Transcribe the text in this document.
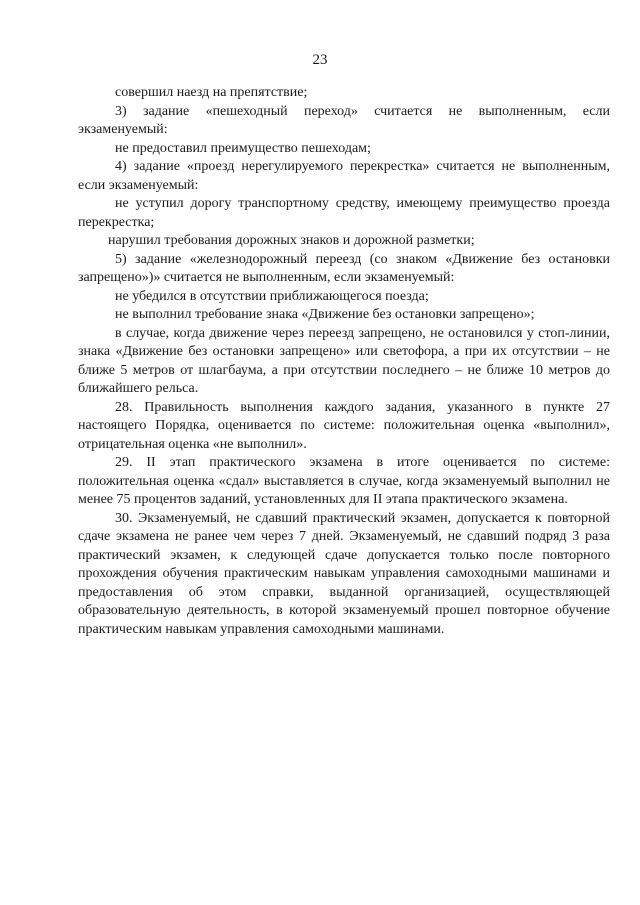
23

совершил наезд на препятствие;

3) задание «пешеходный переход» считается не выполненным, если экзаменуемый:

не предоставил преимущество пешеходам;

4) задание «проезд нерегулируемого перекрестка» считается не выполненным, если экзаменуемый:

не уступил дорогу транспортному средству, имеющему преимущество проезда перекрестка;

нарушил требования дорожных знаков и дорожной разметки;

5) задание «железнодорожный переезд (со знаком «Движение без остановки запрещено»)» считается не выполненным, если экзаменуемый:

не убедился в отсутствии приближающегося поезда;

не выполнил требование знака «Движение без остановки запрещено»;

в случае, когда движение через переезд запрещено, не остановился у стоп-линии, знака «Движение без остановки запрещено» или светофора, а при их отсутствии – не ближе 5 метров от шлагбаума, а при отсутствии последнего – не ближе 10 метров до ближайшего рельса.

28. Правильность выполнения каждого задания, указанного в пункте 27 настоящего Порядка, оценивается по системе: положительная оценка «выполнил», отрицательная оценка «не выполнил».

29. II этап практического экзамена в итоге оценивается по системе: положительная оценка «сдал» выставляется в случае, когда экзаменуемый выполнил не менее 75 процентов заданий, установленных для II этапа практического экзамена.

30. Экзаменуемый, не сдавший практический экзамен, допускается к повторной сдаче экзамена не ранее чем через 7 дней. Экзаменуемый, не сдавший подряд 3 раза практический экзамен, к следующей сдаче допускается только после повторного прохождения обучения практическим навыкам управления самоходными машинами и предоставления об этом справки, выданной организацией, осуществляющей образовательную деятельность, в которой экзаменуемый прошел повторное обучение практическим навыкам управления самоходными машинами.
